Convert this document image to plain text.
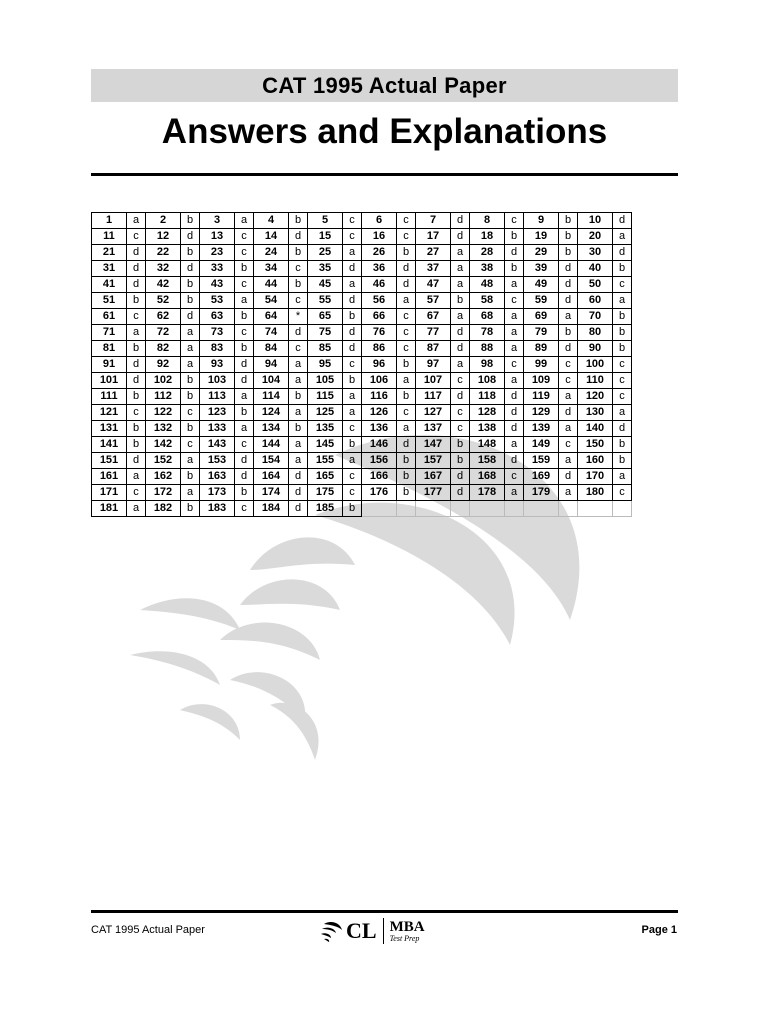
CAT 1995 Actual Paper
Answers and Explanations
1	a	2	b	3	a	4	b	5	c	6	c	7	d	8	c	9	b	10	d
11	c	12	d	13	c	14	d	15	c	16	c	17	d	18	b	19	b	20	a
21	d	22	b	23	c	24	b	25	a	26	b	27	a	28	d	29	b	30	d
31	d	32	d	33	b	34	c	35	d	36	d	37	a	38	b	39	d	40	b
41	d	42	b	43	c	44	b	45	a	46	d	47	a	48	a	49	d	50	c
51	b	52	b	53	a	54	c	55	d	56	a	57	b	58	c	59	d	60	a
61	c	62	d	63	b	64	*	65	b	66	c	67	a	68	a	69	a	70	b
71	a	72	a	73	c	74	d	75	d	76	c	77	d	78	a	79	b	80	b
81	b	82	a	83	b	84	c	85	d	86	c	87	d	88	a	89	d	90	b
91	d	92	a	93	d	94	a	95	c	96	b	97	a	98	c	99	c	100	c
101	d	102	b	103	d	104	a	105	b	106	a	107	c	108	a	109	c	110	c
111	b	112	b	113	a	114	b	115	a	116	b	117	d	118	d	119	a	120	c
121	c	122	c	123	b	124	a	125	a	126	c	127	c	128	d	129	d	130	a
131	b	132	b	133	a	134	b	135	c	136	a	137	c	138	d	139	a	140	d
141	b	142	c	143	c	144	a	145	b	146	d	147	b	148	a	149	c	150	b
151	d	152	a	153	d	154	a	155	a	156	b	157	b	158	d	159	a	160	b
161	a	162	b	163	d	164	d	165	c	166	b	167	d	168	c	169	d	170	a
171	c	172	a	173	b	174	d	175	c	176	b	177	d	178	a	179	a	180	c
181	a	182	b	183	c	184	d	185	b										
CAT 1995 Actual Paper	CL MBA
Test Prep
Page 1
